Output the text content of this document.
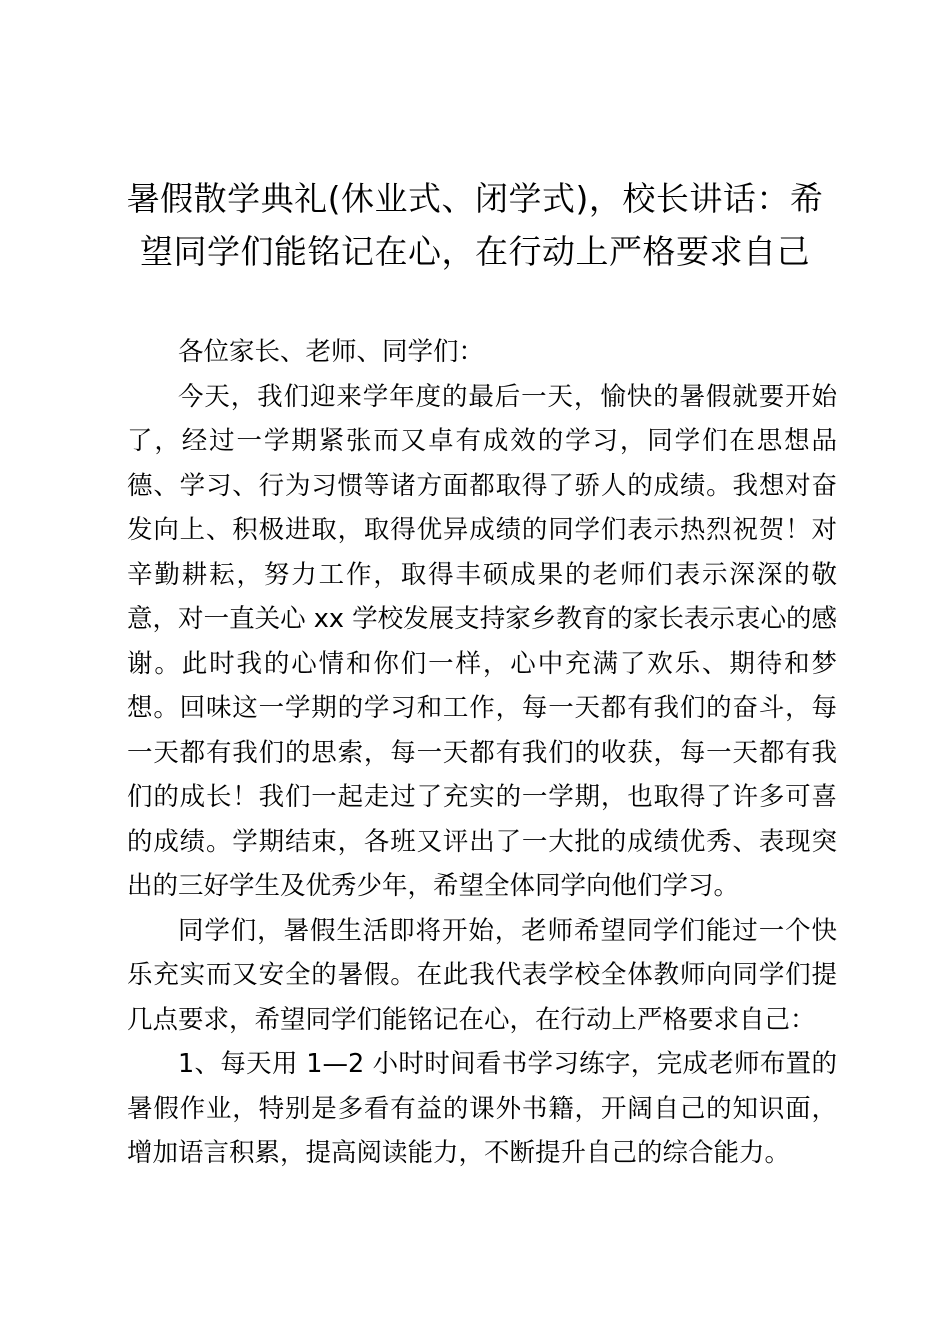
暑假散学典礼(休业式、闭学式)，校长讲话：希望同学们能铭记在心，在行动上严格要求自己

各位家长、老师、同学们：

今天，我们迎来学年度的最后一天，愉快的暑假就要开始了，经过一学期紧张而又卓有成效的学习，同学们在思想品德、学习、行为习惯等诸方面都取得了骄人的成绩。我想对奋发向上、积极进取，取得优异成绩的同学们表示热烈祝贺！对辛勤耕耘，努力工作，取得丰硕成果的老师们表示深深的敬意，对一直关心 xx 学校发展支持家乡教育的家长表示衷心的感谢。此时我的心情和你们一样，心中充满了欢乐、期待和梦想。回味这一学期的学习和工作，每一天都有我们的奋斗，每一天都有我们的思索，每一天都有我们的收获，每一天都有我们的成长！我们一起走过了充实的一学期，也取得了许多可喜的成绩。学期结束，各班又评出了一大批的成绩优秀、表现突出的三好学生及优秀少年，希望全体同学向他们学习。

同学们，暑假生活即将开始，老师希望同学们能过一个快乐充实而又安全的暑假。在此我代表学校全体教师向同学们提几点要求，希望同学们能铭记在心，在行动上严格要求自己：

1、每天用 1—2 小时时间看书学习练字，完成老师布置的暑假作业，特别是多看有益的课外书籍，开阔自己的知识面，增加语言积累，提高阅读能力，不断提升自己的综合能力。
